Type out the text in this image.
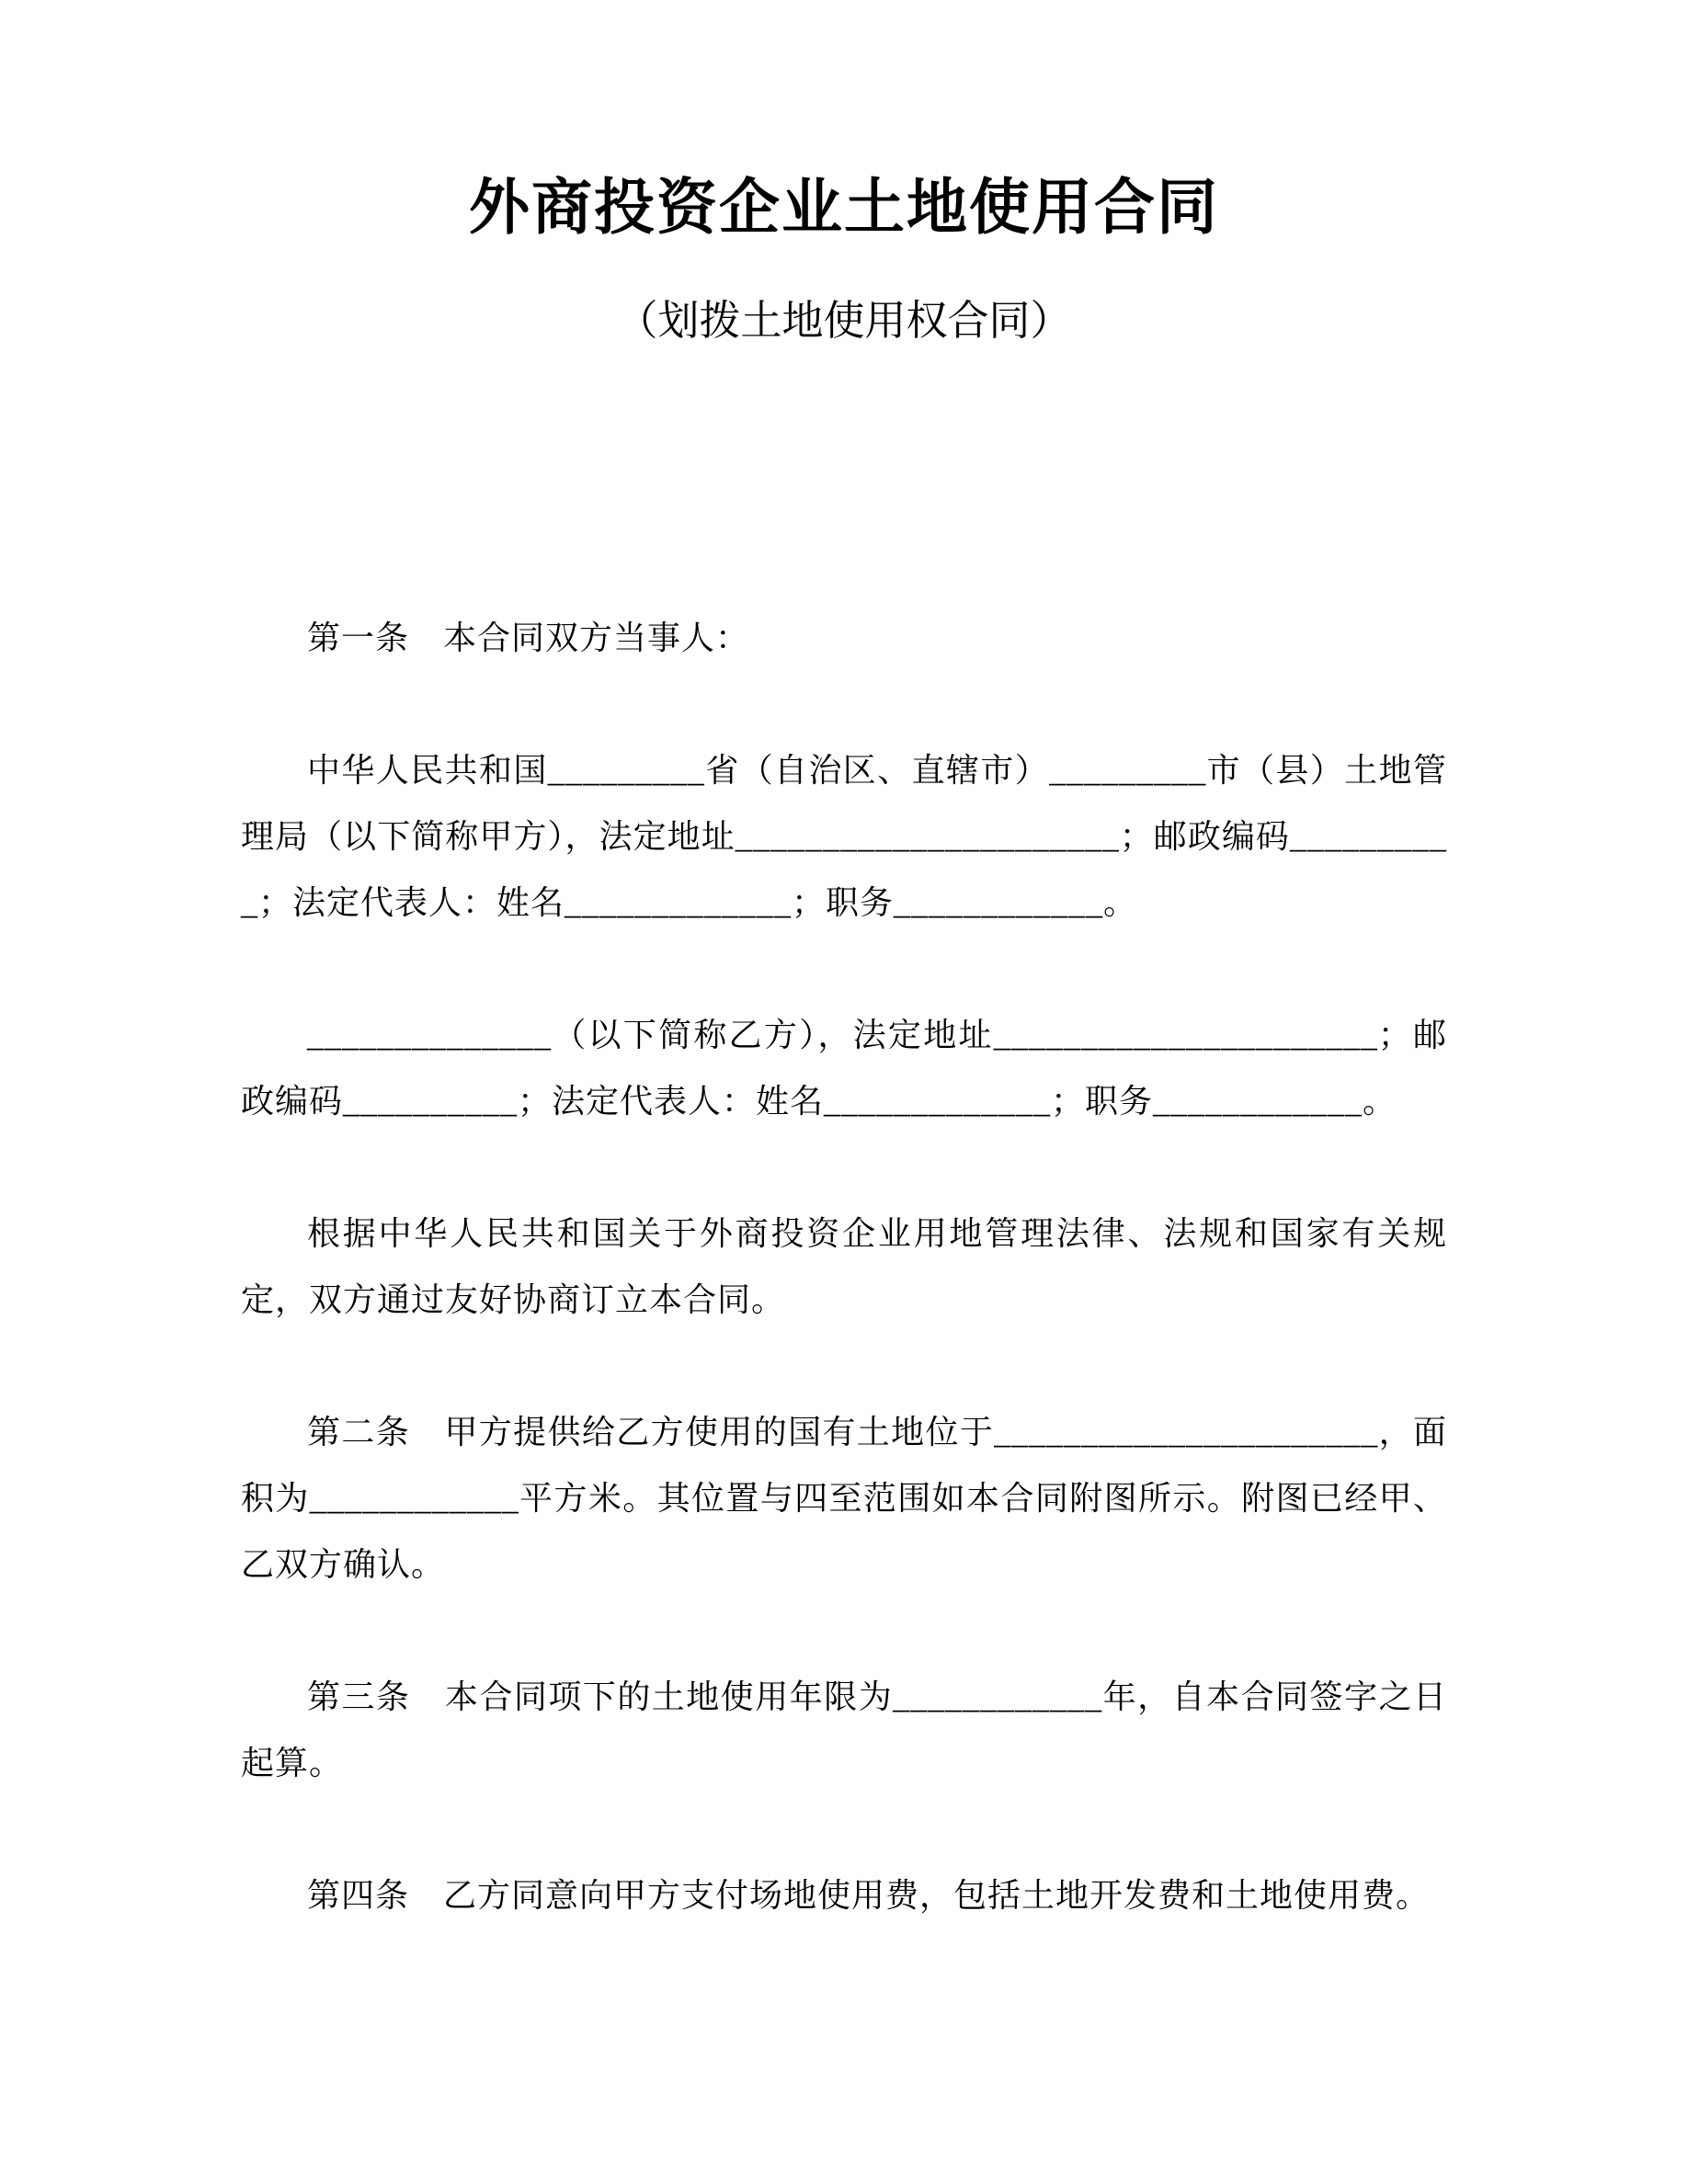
外商投资企业土地使用合同
（划拨土地使用权合同）

第一条　本合同双方当事人：

中华人民共和国_________省（自治区、直辖市）_________市（县）土地管理局（以下简称甲方），法定地址______________________；邮政编码__________；法定代表人：姓名_____________；职务____________。

______________（以下简称乙方），法定地址______________________；邮政编码__________；法定代表人：姓名_____________；职务____________。

根据中华人民共和国关于外商投资企业用地管理法律、法规和国家有关规定，双方通过友好协商订立本合同。

第二条　甲方提供给乙方使用的国有土地位于______________________，面积为____________平方米。其位置与四至范围如本合同附图所示。附图已经甲、乙双方确认。

第三条　本合同项下的土地使用年限为____________年，自本合同签字之日起算。

第四条　乙方同意向甲方支付场地使用费，包括土地开发费和土地使用费。
